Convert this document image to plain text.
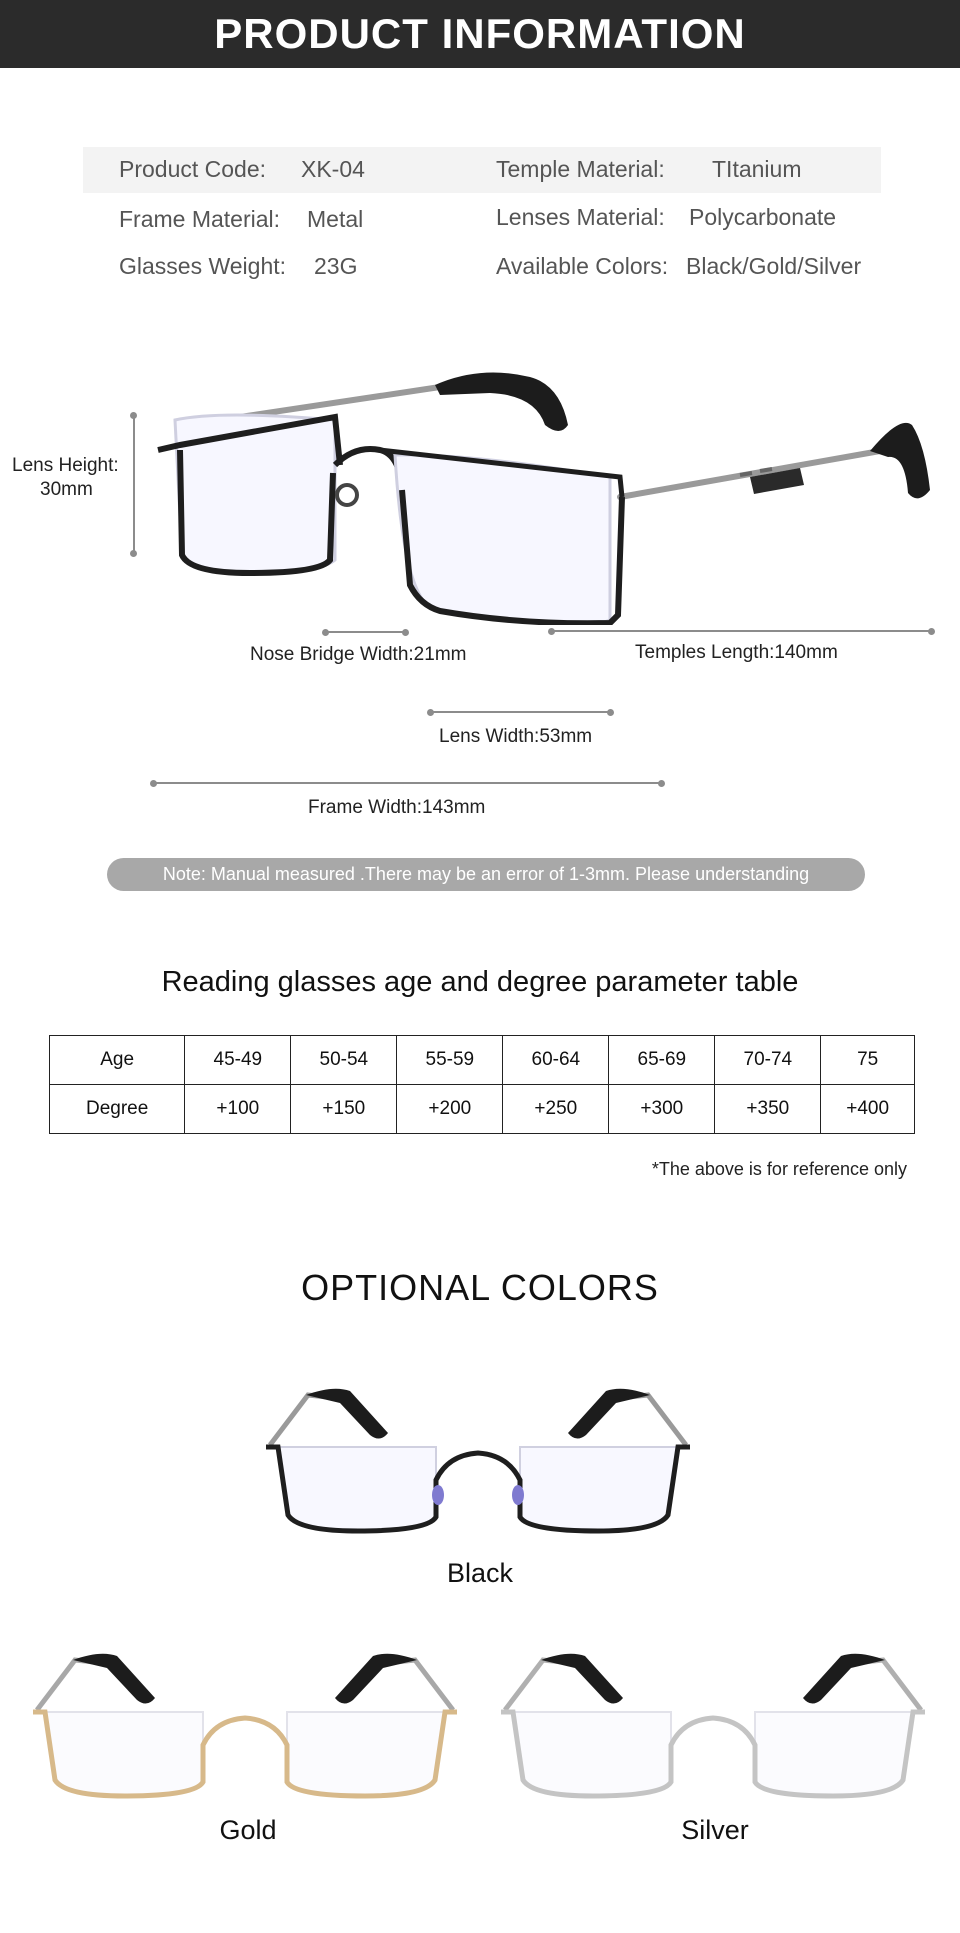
PRODUCT INFORMATION
Product Code: XK-04	Temple Material: TItanium
Frame Material: Metal	Lenses Material: Polycarbonate
Glasses Weight: 23G	Available Colors: Black/Gold/Silver
Lens Height:
30mm
Nose Bridge Width:21mm	Temples Length:140mm
Lens Width:53mm
Frame Width:143mm
Note: Manual measured .There may be an error of 1-3mm. Please understanding
Reading glasses age and degree parameter table
Age	45-49	50-54	55-59	60-64	65-69	70-74	75
Degree	+100	+150	+200	+250	+300	+350	+400
*The above is for reference only
OPTIONAL COLORS
Black
Gold	Silver
